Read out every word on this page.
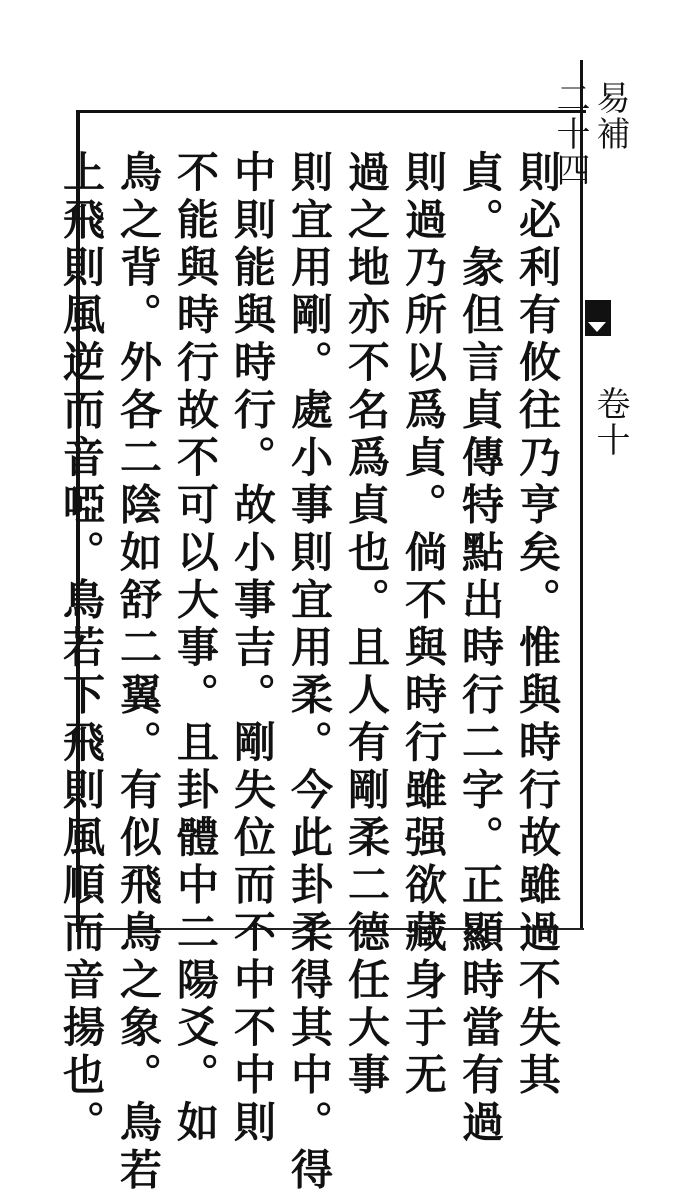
易補  卷十  二十四
則必利有攸往乃亨矣。惟與時行故雖過不失其
貞。彖但言貞傳特點出時行二字。正顯時當有過
則過乃所以爲貞。倘不與時行雖强欲藏身于无
過之地亦不名爲貞也。且人有剛柔二德任大事
則宜用剛。處小事則宜用柔。今此卦柔得其中。得
中則能與時行。故小事吉。剛失位而不中不中則
不能與時行故不可以大事。且卦體中二陽爻。如
鳥之背。外各二陰如舒二翼。有似飛鳥之象。鳥若
上飛則風逆而音啞。鳥若下飛則風順而音揚也。
